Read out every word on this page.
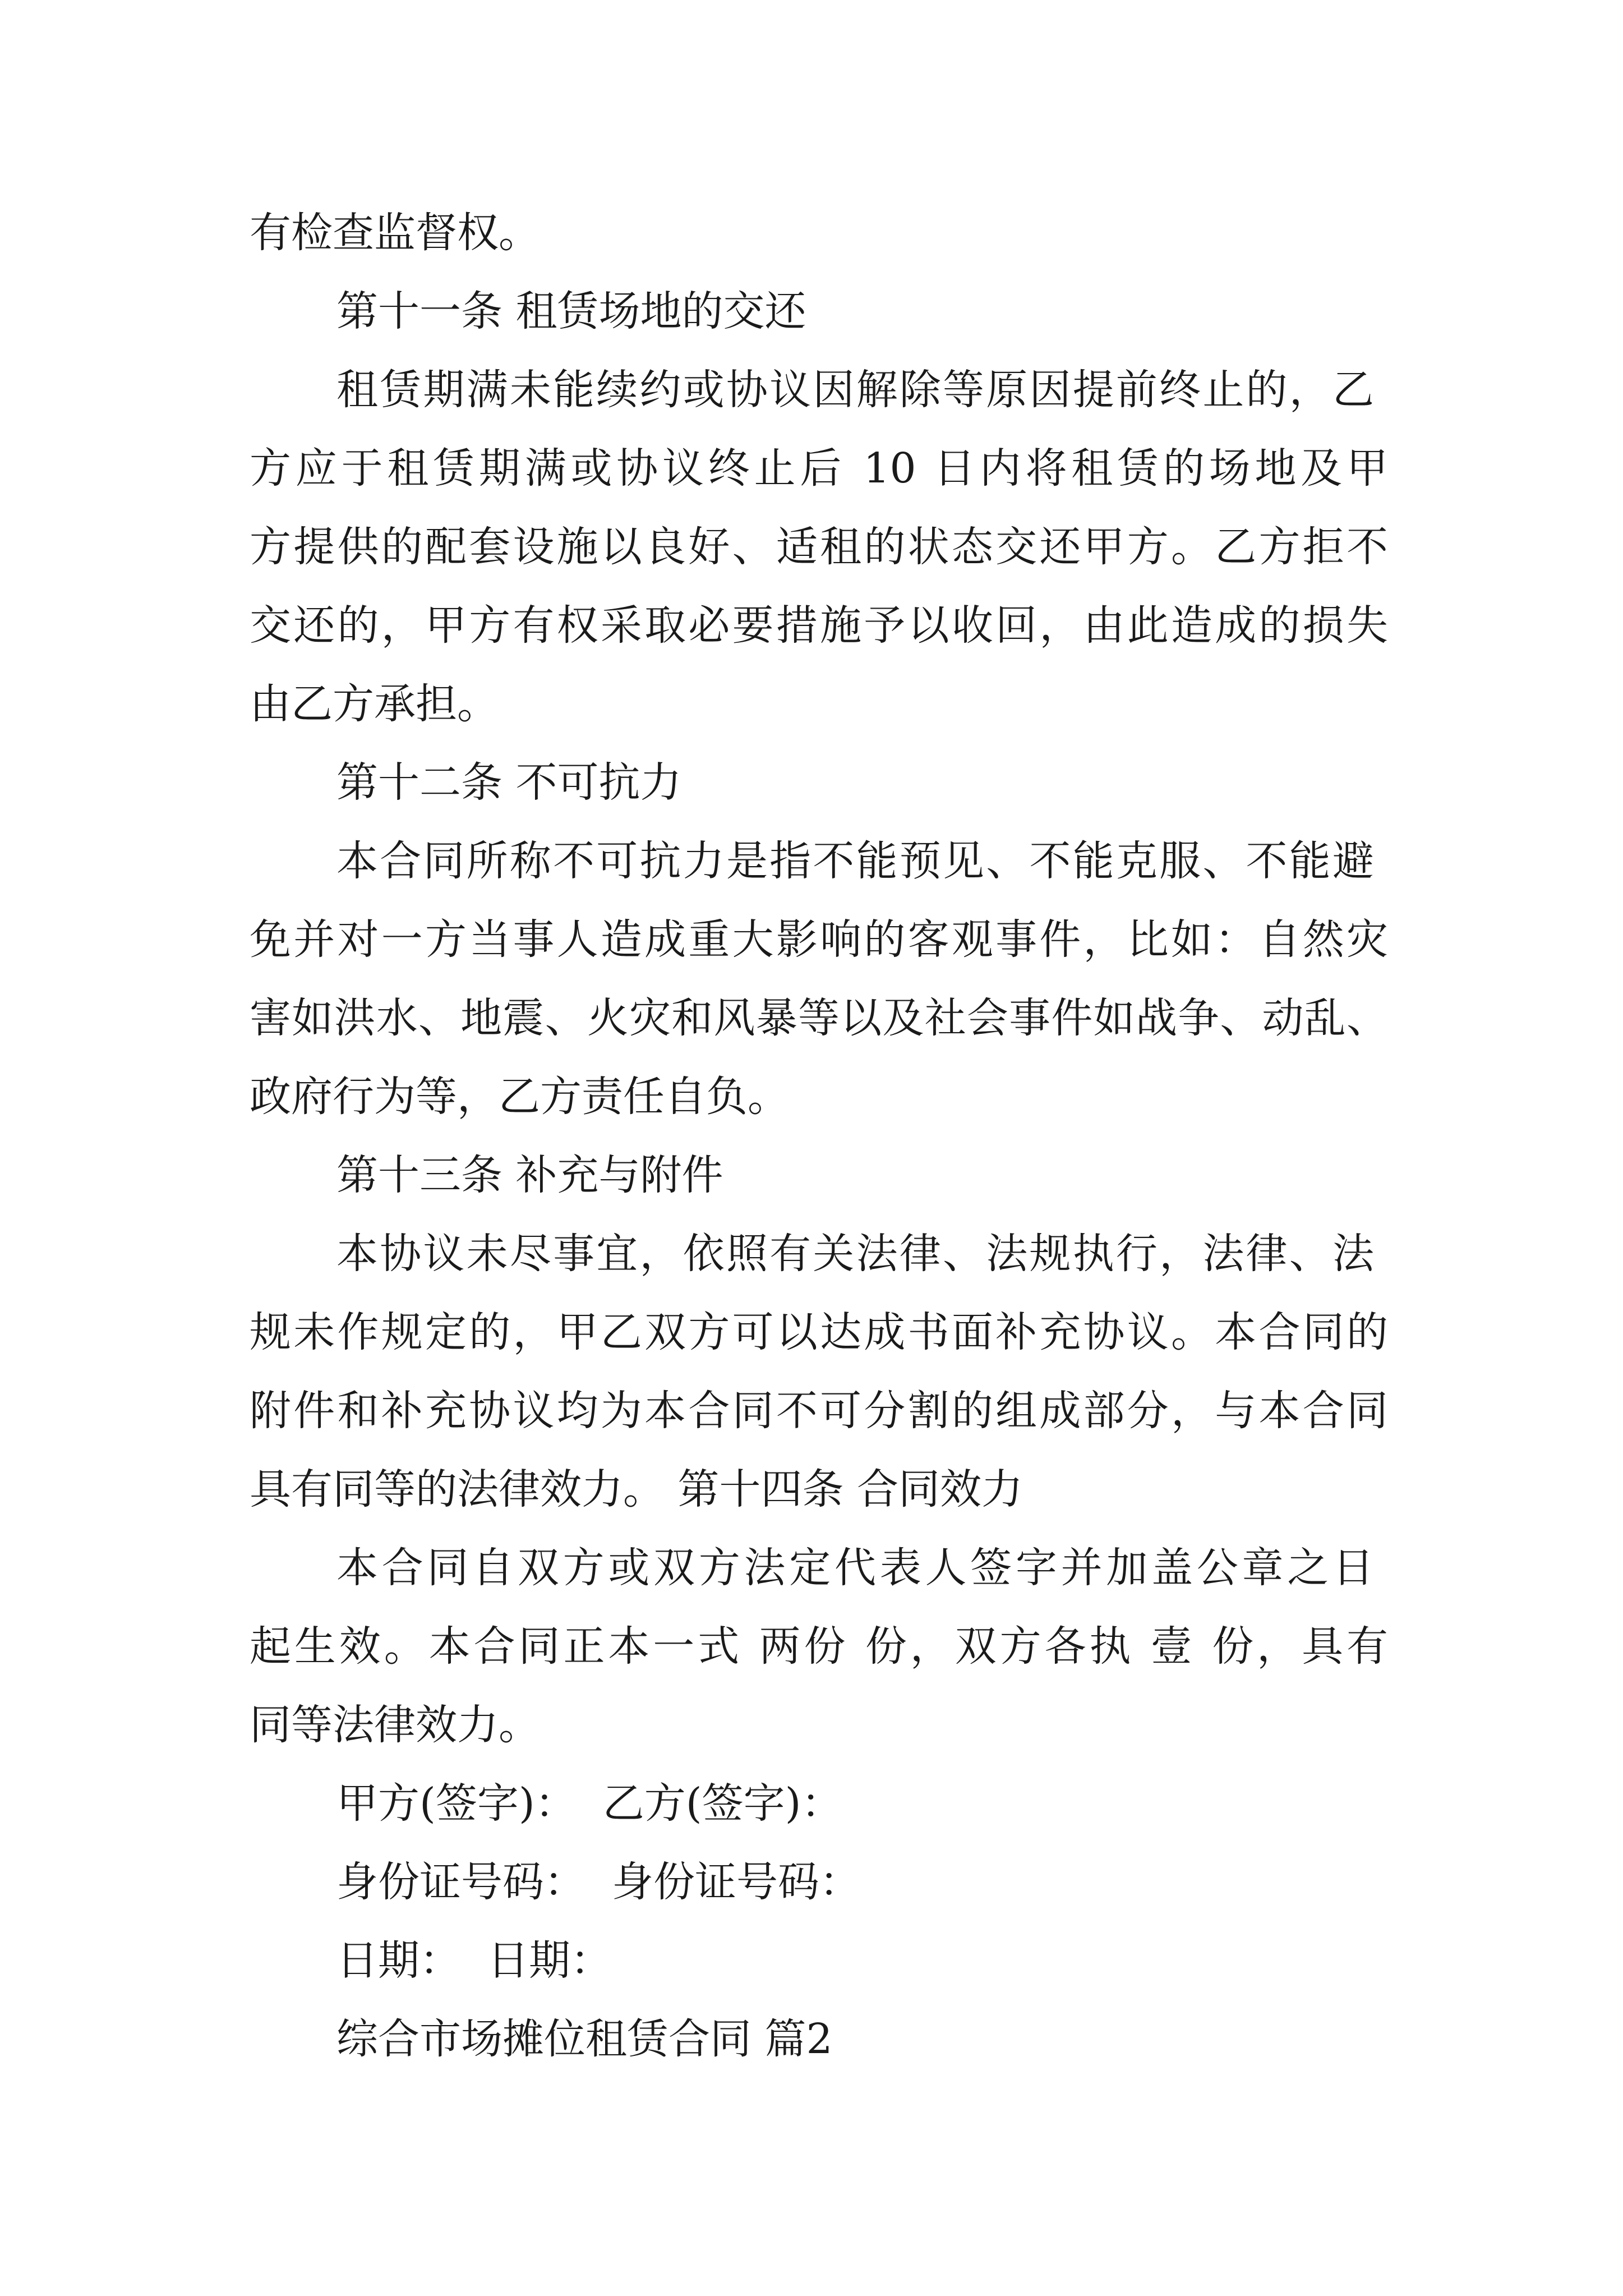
有检查监督权。
第十一条 租赁场地的交还
租赁期满未能续约或协议因解除等原因提前终止的，乙
方应于租赁期满或协议终止后 10 日内将租赁的场地及甲
方提供的配套设施以良好、适租的状态交还甲方。乙方拒不
交还的，甲方有权采取必要措施予以收回，由此造成的损失
由乙方承担。
第十二条 不可抗力
本合同所称不可抗力是指不能预见、不能克服、不能避
免并对一方当事人造成重大影响的客观事件，比如：自然灾
害如洪水、地震、火灾和风暴等以及社会事件如战争、动乱、
政府行为等，乙方责任自负。
第十三条 补充与附件
本协议未尽事宜，依照有关法律、法规执行，法律、法
规未作规定的，甲乙双方可以达成书面补充协议。本合同的
附件和补充协议均为本合同不可分割的组成部分，与本合同
具有同等的法律效力。 第十四条 合同效力
本合同自双方或双方法定代表人签字并加盖公章之日
起生效。本合同正本一式 两份 份，双方各执 壹 份，具有
同等法律效力。
甲方(签字)：  乙方(签字)：
身份证号码：  身份证号码：
日期：  日期：
综合市场摊位租赁合同 篇2
